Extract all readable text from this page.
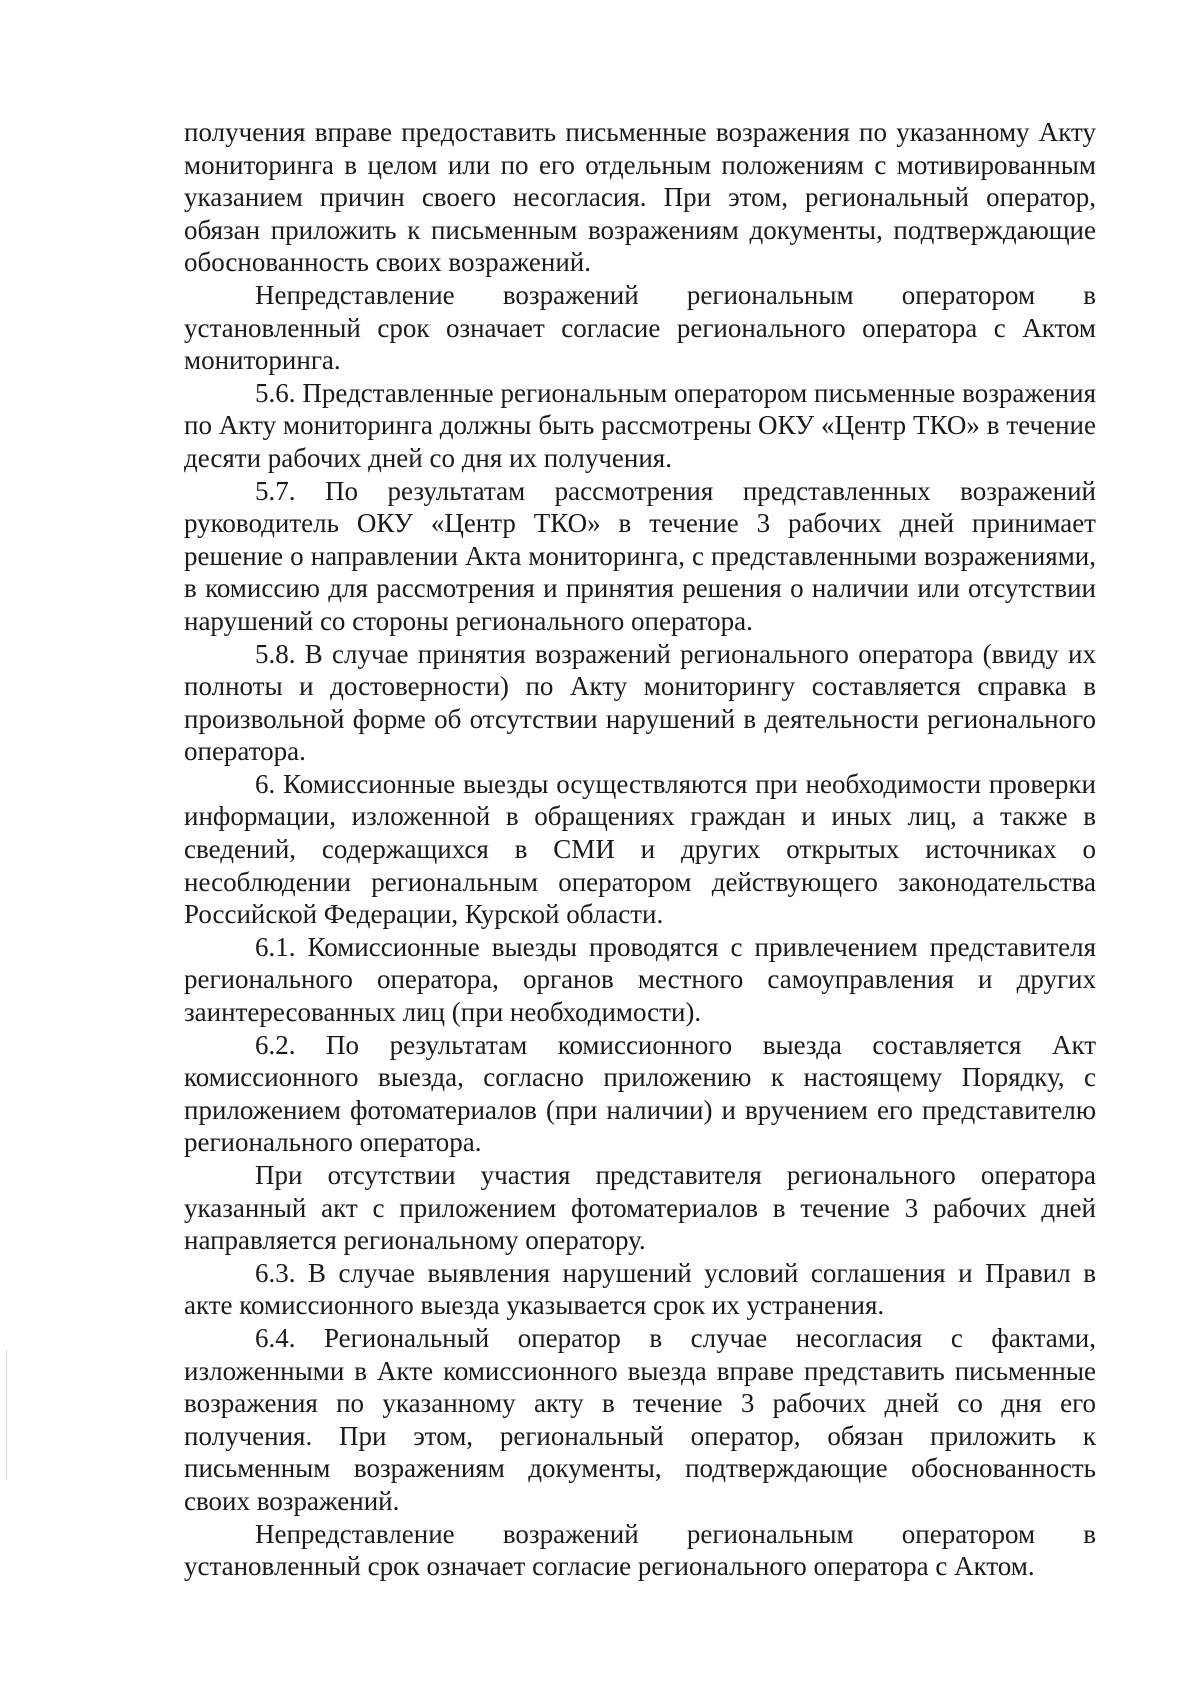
получения вправе предоставить письменные возражения по указанному Акту мониторинга в целом или по его отдельным положениям с мотивированным указанием причин своего несогласия. При этом, региональный оператор, обязан приложить к письменным возражениям документы, подтверждающие обоснованность своих возражений.

Непредставление возражений региональным оператором в установленный срок означает согласие регионального оператора с Актом мониторинга.

5.6. Представленные региональным оператором письменные возражения по Акту мониторинга должны быть рассмотрены ОКУ «Центр ТКО» в течение десяти рабочих дней со дня их получения.

5.7. По результатам рассмотрения представленных возражений руководитель ОКУ «Центр ТКО» в течение 3 рабочих дней принимает решение о направлении Акта мониторинга, с представленными возражениями, в комиссию для рассмотрения и принятия решения о наличии или отсутствии нарушений со стороны регионального оператора.

5.8. В случае принятия возражений регионального оператора (ввиду их полноты и достоверности) по Акту мониторингу составляется справка в произвольной форме об отсутствии нарушений в деятельности регионального оператора.

6. Комиссионные выезды осуществляются при необходимости проверки информации, изложенной в обращениях граждан и иных лиц, а также в сведений, содержащихся в СМИ и других открытых источниках о несоблюдении региональным оператором действующего законодательства Российской Федерации, Курской области.

6.1. Комиссионные выезды проводятся с привлечением представителя регионального оператора, органов местного самоуправления и других заинтересованных лиц (при необходимости).

6.2. По результатам комиссионного выезда составляется Акт комиссионного выезда, согласно приложению к настоящему Порядку, с приложением фотоматериалов (при наличии) и вручением его представителю регионального оператора.

При отсутствии участия представителя регионального оператора указанный акт с приложением фотоматериалов в течение 3 рабочих дней направляется региональному оператору.

6.3. В случае выявления нарушений условий соглашения и Правил в акте комиссионного выезда указывается срок их устранения.

6.4. Региональный оператор в случае несогласия с фактами, изложенными в Акте комиссионного выезда вправе представить письменные возражения по указанному акту в течение 3 рабочих дней со дня его получения. При этом, региональный оператор, обязан приложить к письменным возражениям документы, подтверждающие обоснованность своих возражений.

Непредставление возражений региональным оператором в установленный срок означает согласие регионального оператора с Актом.
